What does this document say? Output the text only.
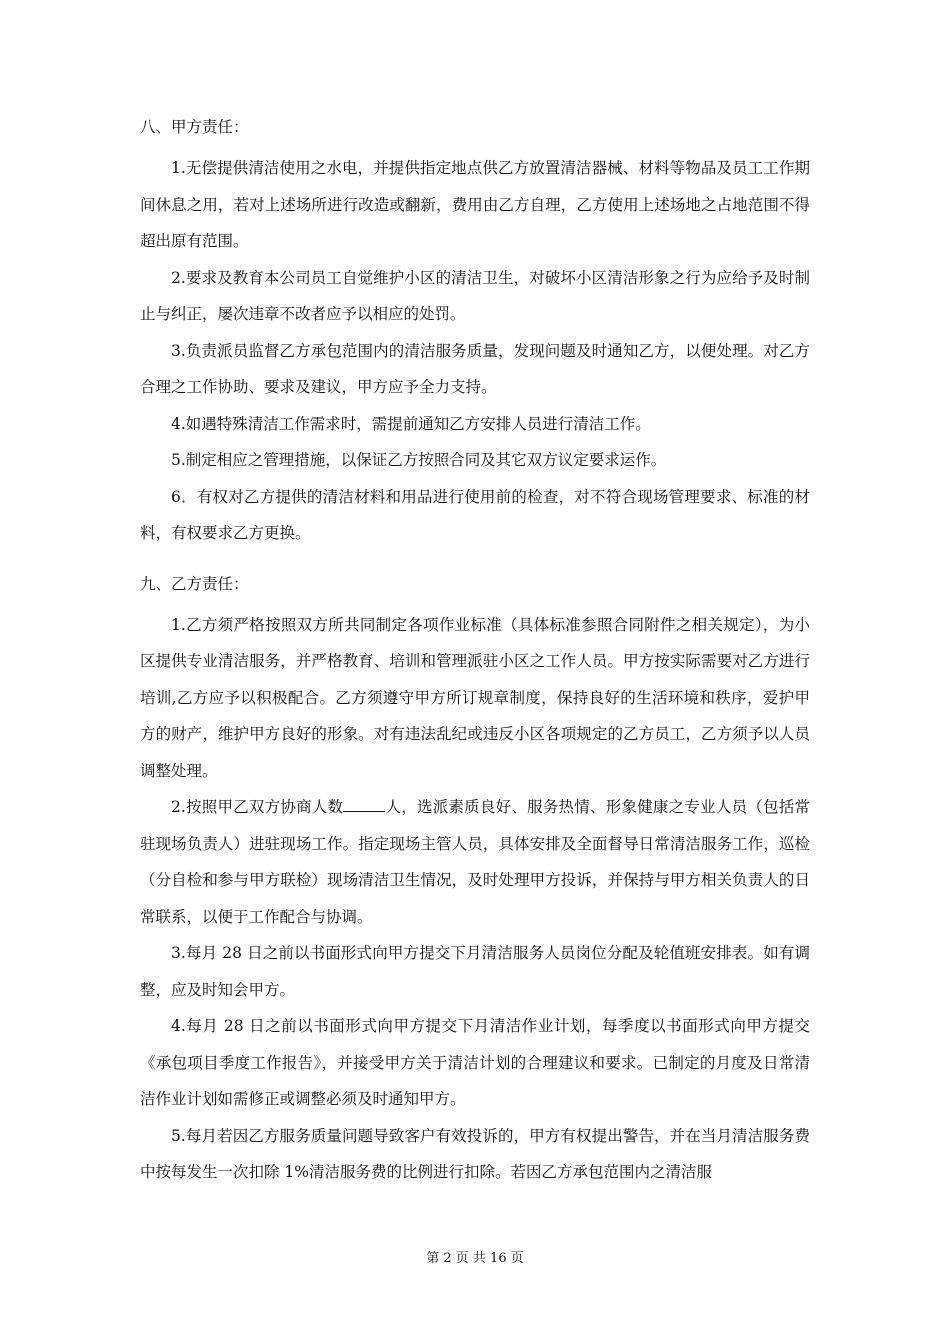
八、甲方责任：

1.无偿提供清洁使用之水电，并提供指定地点供乙方放置清洁器械、材料等物品及员工工作期间休息之用，若对上述场所进行改造或翻新，费用由乙方自理，乙方使用上述场地之占地范围不得超出原有范围。

2.要求及教育本公司员工自觉维护小区的清洁卫生，对破坏小区清洁形象之行为应给予及时制止与纠正，屡次违章不改者应予以相应的处罚。

3.负责派员监督乙方承包范围内的清洁服务质量，发现问题及时通知乙方，以便处理。对乙方合理之工作协助、要求及建议，甲方应予全力支持。

4.如遇特殊清洁工作需求时，需提前通知乙方安排人员进行清洁工作。

5.制定相应之管理措施，以保证乙方按照合同及其它双方议定要求运作。

6．有权对乙方提供的清洁材料和用品进行使用前的检查，对不符合现场管理要求、标准的材料，有权要求乙方更换。

九、乙方责任：

1.乙方须严格按照双方所共同制定各项作业标准（具体标准参照合同附件之相关规定），为小区提供专业清洁服务，并严格教育、培训和管理派驻小区之工作人员。甲方按实际需要对乙方进行培训,乙方应予以积极配合。乙方须遵守甲方所订规章制度，保持良好的生活环境和秩序，爱护甲方的财产，维护甲方良好的形象。对有违法乱纪或违反小区各项规定的乙方员工，乙方须予以人员调整处理。

2.按照甲乙双方协商人数	人，选派素质良好、服务热情、形象健康之专业人员（包括常驻现场负责人）进驻现场工作。指定现场主管人员，具体安排及全面督导日常清洁服务工作，巡检（分自检和参与甲方联检）现场清洁卫生情况，及时处理甲方投诉，并保持与甲方相关负责人的日常联系，以便于工作配合与协调。

3.每月 28 日之前以书面形式向甲方提交下月清洁服务人员岗位分配及轮值班安排表。如有调整，应及时知会甲方。

4.每月 28 日之前以书面形式向甲方提交下月清洁作业计划，每季度以书面形式向甲方提交《承包项目季度工作报告》，并接受甲方关于清洁计划的合理建议和要求。已制定的月度及日常清洁作业计划如需修正或调整必须及时通知甲方。

5.每月若因乙方服务质量问题导致客户有效投诉的，甲方有权提出警告，并在当月清洁服务费中按每发生一次扣除 1%清洁服务费的比例进行扣除。若因乙方承包范围内之清洁服

第 2 页 共 16 页
